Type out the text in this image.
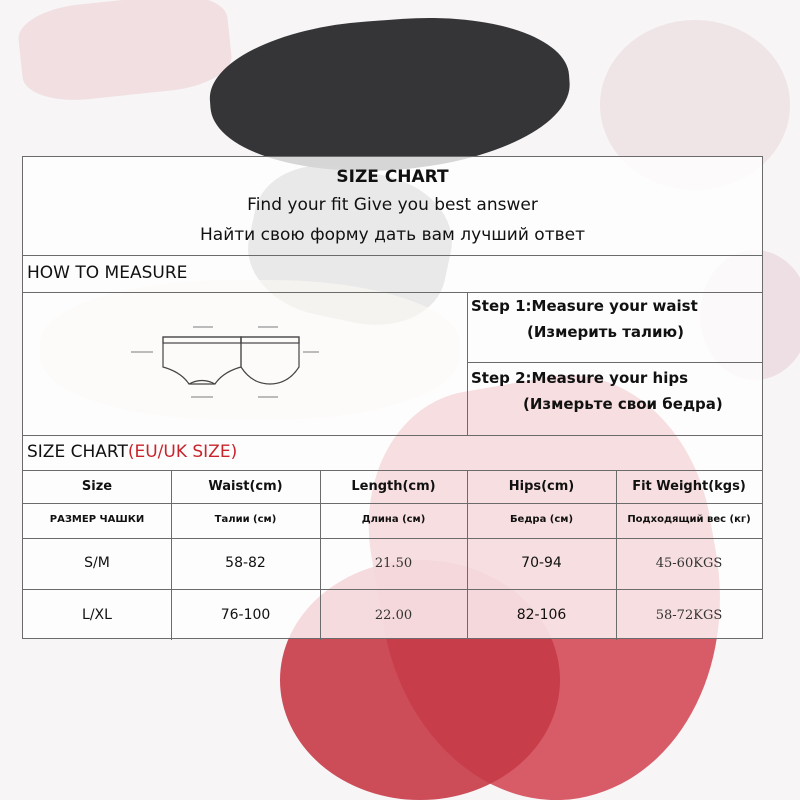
SIZE CHART
Find your fit Give you best answer
Найти свою форму дать вам лучший ответ
HOW TO MEASURE
Step 1:Measure your waist
(Измерить талию)
Step 2:Measure your hips
(Измерьте свои бедра)
SIZE CHART(EU/UK SIZE)
Size	Waist(cm)	Length(cm)	Hips(cm)	Fit Weight(kgs)
РАЗМЕР ЧАШКИ	Талии (см)	Длина (см)	Бедра (см)	Подходящий вес (кг)
S/M	58-82	21.50	70-94	45-60KGS
L/XL	76-100	22.00	82-106	58-72KGS
